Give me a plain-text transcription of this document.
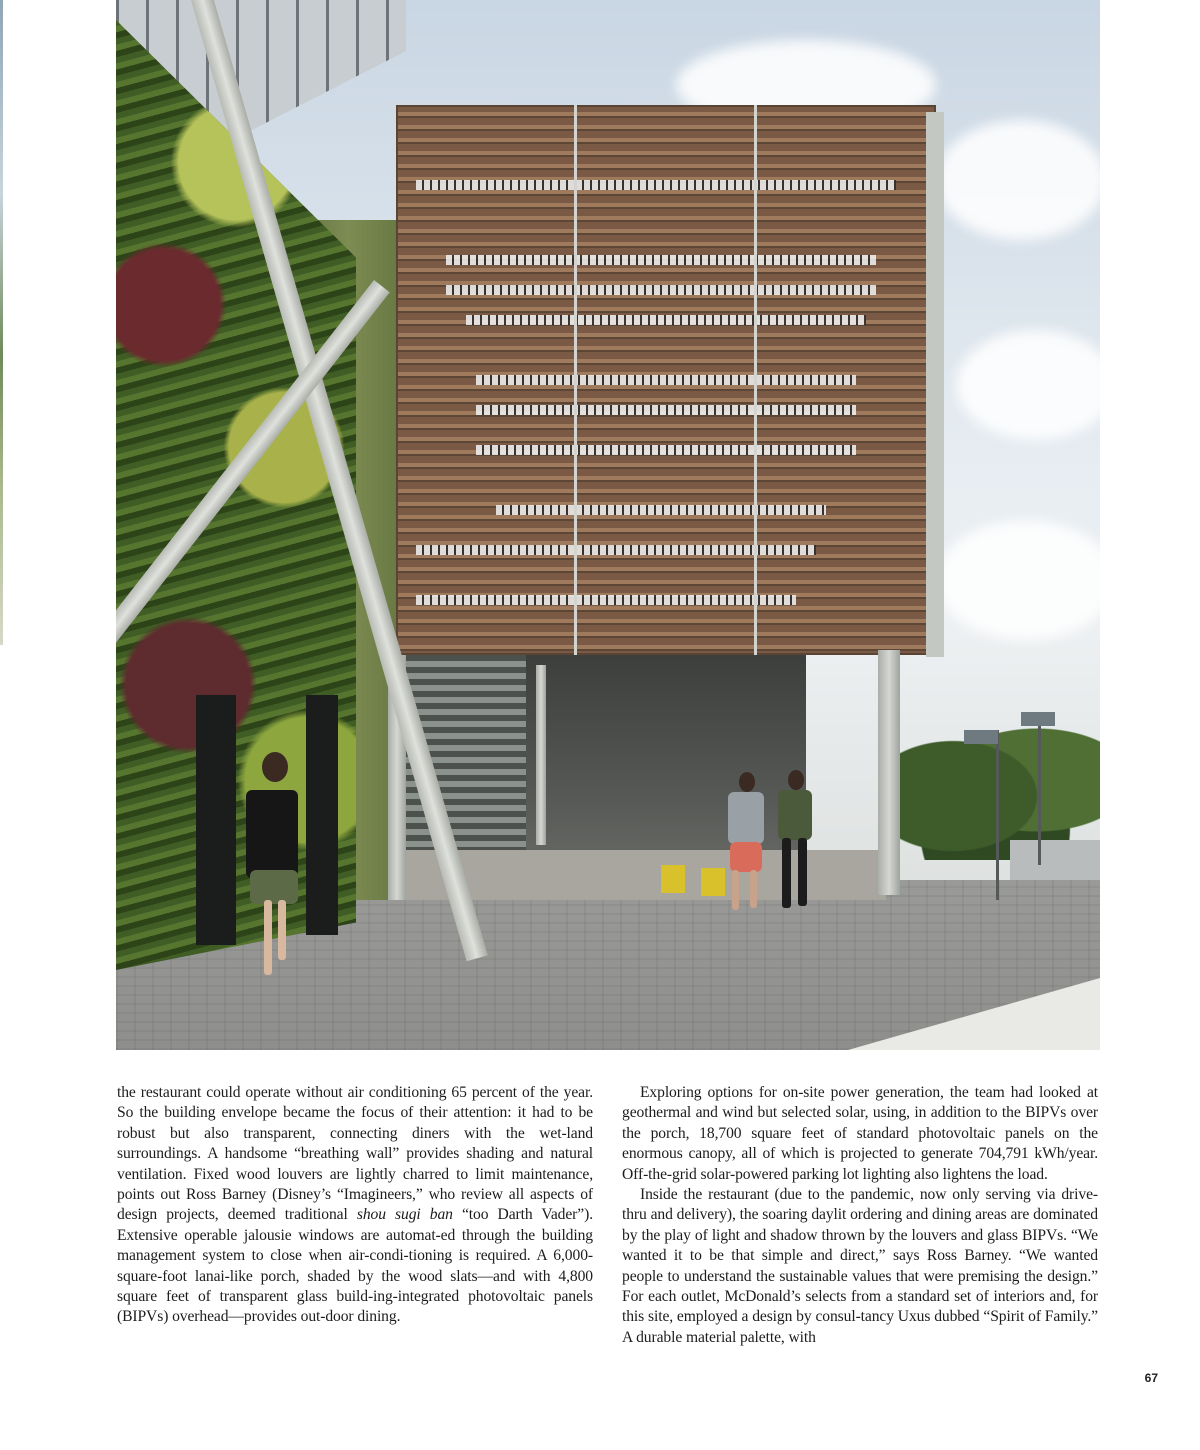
the restaurant could operate without air conditioning 65 percent of the year. So the building envelope became the focus of their attention: it had to be robust but also transparent, connecting diners with the wet-land surroundings. A handsome “breathing wall” provides shading and natural ventilation. Fixed wood louvers are lightly charred to limit maintenance, points out Ross Barney (Disney’s “Imagineers,” who review all aspects of design projects, deemed traditional shou sugi ban “too Darth Vader”). Extensive operable jalousie windows are automat-ed through the building management system to close when air-condi-tioning is required. A 6,000-square-foot lanai-like porch, shaded by the wood slats—and with 4,800 square feet of transparent glass build-ing-integrated photovoltaic panels (BIPVs) overhead—provides out-door dining.

Exploring options for on-site power generation, the team had looked at geothermal and wind but selected solar, using, in addition to the BIPVs over the porch, 18,700 square feet of standard photovoltaic panels on the enormous canopy, all of which is projected to generate 704,791 kWh/year. Off-the-grid solar-powered parking lot lighting also lightens the load.

Inside the restaurant (due to the pandemic, now only serving via drive-thru and delivery), the soaring daylit ordering and dining areas are dominated by the play of light and shadow thrown by the louvers and glass BIPVs. “We wanted it to be that simple and direct,” says Ross Barney. “We wanted people to understand the sustainable values that were premising the design.” For each outlet, McDonald’s selects from a standard set of interiors and, for this site, employed a design by consul-tancy Uxus dubbed “Spirit of Family.” A durable material palette, with

67
